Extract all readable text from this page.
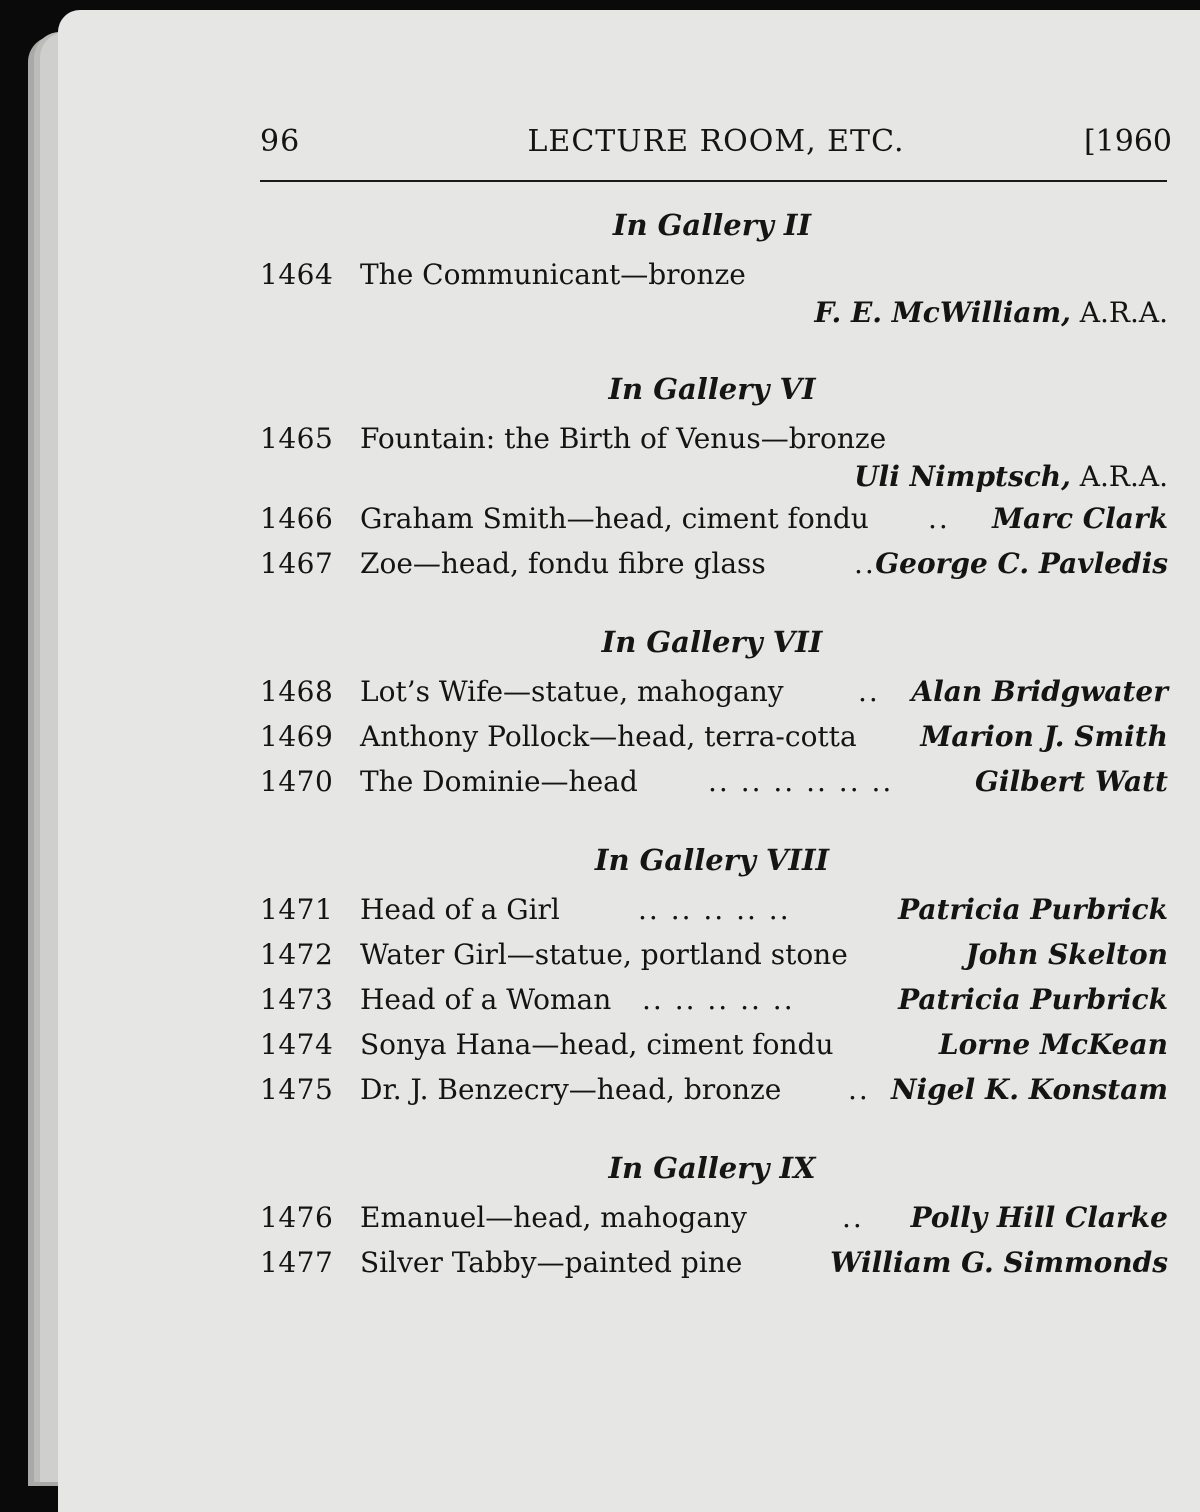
96	LECTURE ROOM, ETC.	[1960
In Gallery II
1464 The Communicant—bronze
F. E. McWilliam, A.R.A.
In Gallery VI
1465 Fountain: the Birth of Venus—bronze
Uli Nimptsch, A.R.A.
1466 Graham Smith—head, ciment fondu .. Marc Clark
1467 Zoe—head, fondu fibre glass	.. George C. Pavledis
In Gallery VII
1468 Lot’s Wife—statue, mahogany	.. Alan Bridgwater
1469 Anthony Pollock—head, terra-cotta Marion J. Smith
1470 The Dominie—head	.. .. .. .. .. ..	Gilbert Watt
In Gallery VIII
1471 Head of a Girl	.. .. .. .. ..	Patricia Purbrick
1472 Water Girl—statue, portland stone	John Skelton
1473 Head of a Woman .. .. .. .. ..	Patricia Purbrick
1474 Sonya Hana—head, ciment fondu	Lorne McKean
1475 Dr. J. Benzecry—head, bronze .. Nigel K. Konstam
In Gallery IX
1476 Emanuel—head, mahogany	.. Polly Hill Clarke
1477 Silver Tabby—painted pine	William G. Simmonds
